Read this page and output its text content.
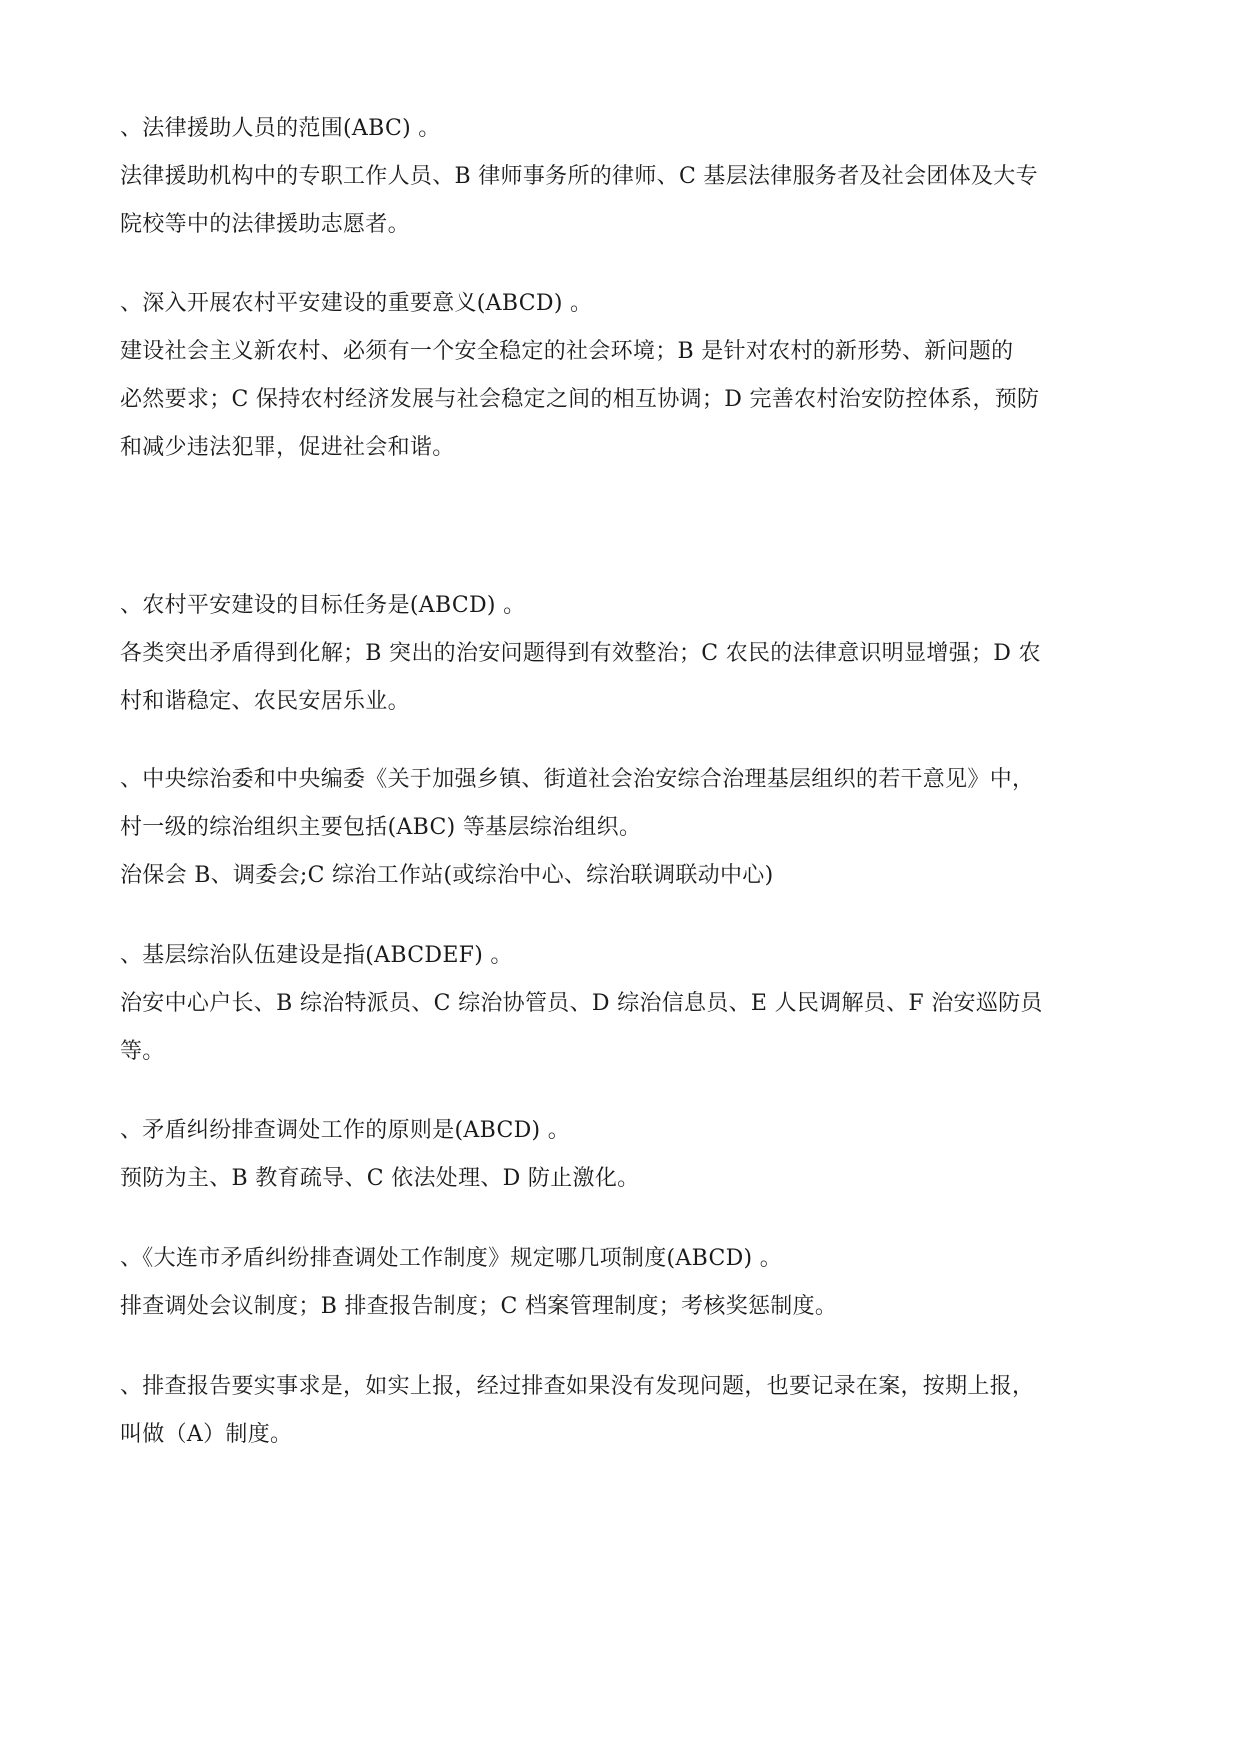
、法律援助人员的范围(ABC) 。
法律援助机构中的专职工作人员、B 律师事务所的律师、C 基层法律服务者及社会团体及大专
院校等中的法律援助志愿者。
、深入开展农村平安建设的重要意义(ABCD) 。
建设社会主义新农村、必须有一个安全稳定的社会环境；B 是针对农村的新形势、新问题的
必然要求；C 保持农村经济发展与社会稳定之间的相互协调；D 完善农村治安防控体系，预防
和减少违法犯罪，促进社会和谐。
、农村平安建设的目标任务是(ABCD) 。
各类突出矛盾得到化解；B 突出的治安问题得到有效整治；C 农民的法律意识明显增强；D 农
村和谐稳定、农民安居乐业。
、中央综治委和中央编委《关于加强乡镇、街道社会治安综合治理基层组织的若干意见》中，
村一级的综治组织主要包括(ABC) 等基层综治组织。
治保会 B、调委会;C 综治工作站(或综治中心、综治联调联动中心)
、基层综治队伍建设是指(ABCDEF) 。
治安中心户长、B 综治特派员、C 综治协管员、D 综治信息员、E 人民调解员、F 治安巡防员
等。
、矛盾纠纷排查调处工作的原则是(ABCD) 。
预防为主、B 教育疏导、C 依法处理、D 防止激化。
、《大连市矛盾纠纷排查调处工作制度》规定哪几项制度(ABCD) 。
排查调处会议制度；B 排查报告制度；C 档案管理制度；考核奖惩制度。
、排查报告要实事求是，如实上报，经过排查如果没有发现问题，也要记录在案，按期上报，
叫做（A）制度。
